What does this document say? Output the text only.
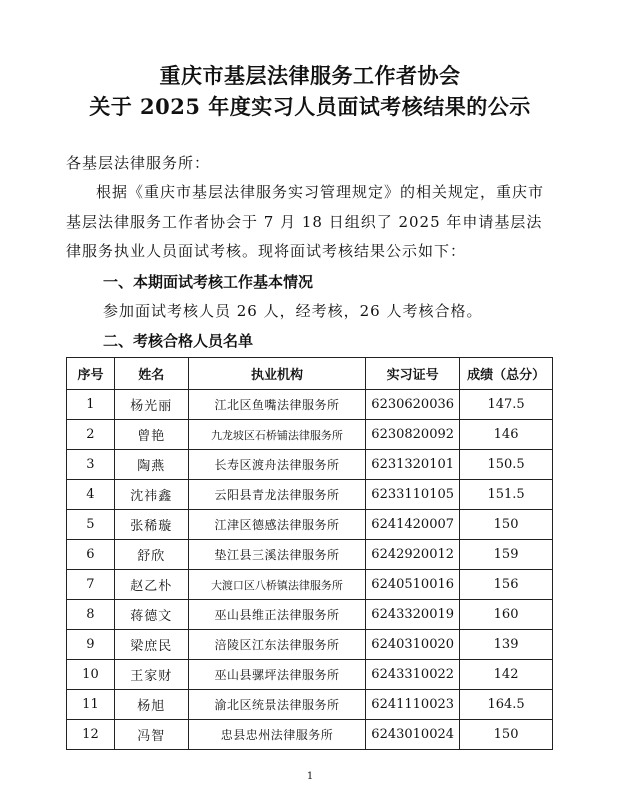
重庆市基层法律服务工作者协会
关于 2025 年度实习人员面试考核结果的公示
各基层法律服务所：
根据《重庆市基层法律服务实习管理规定》的相关规定，重庆市基层法律服务工作者协会于 7 月 18 日组织了 2025 年申请基层法律服务执业人员面试考核。现将面试考核结果公示如下：
一、本期面试考核工作基本情况
参加面试考核人员 26 人，经考核，26 人考核合格。
二、考核合格人员名单
序号	姓名	执业机构	实习证号	成绩（总分）
1	杨光丽	江北区鱼嘴法律服务所	6230620036	147.5
2	曾艳	九龙坡区石桥铺法律服务所	6230820092	146
3	陶燕	长寿区渡舟法律服务所	6231320101	150.5
4	沈祎鑫	云阳县青龙法律服务所	6233110105	151.5
5	张稀璇	江津区德感法律服务所	6241420007	150
6	舒欣	垫江县三溪法律服务所	6242920012	159
7	赵乙朴	大渡口区八桥镇法律服务所	6240510016	156
8	蒋德文	巫山县维正法律服务所	6243320019	160
9	梁庶民	涪陵区江东法律服务所	6240310020	139
10	王家财	巫山县骡坪法律服务所	6243310022	142
11	杨旭	渝北区统景法律服务所	6241110023	164.5
12	冯智	忠县忠州法律服务所	6243010024	150
1
